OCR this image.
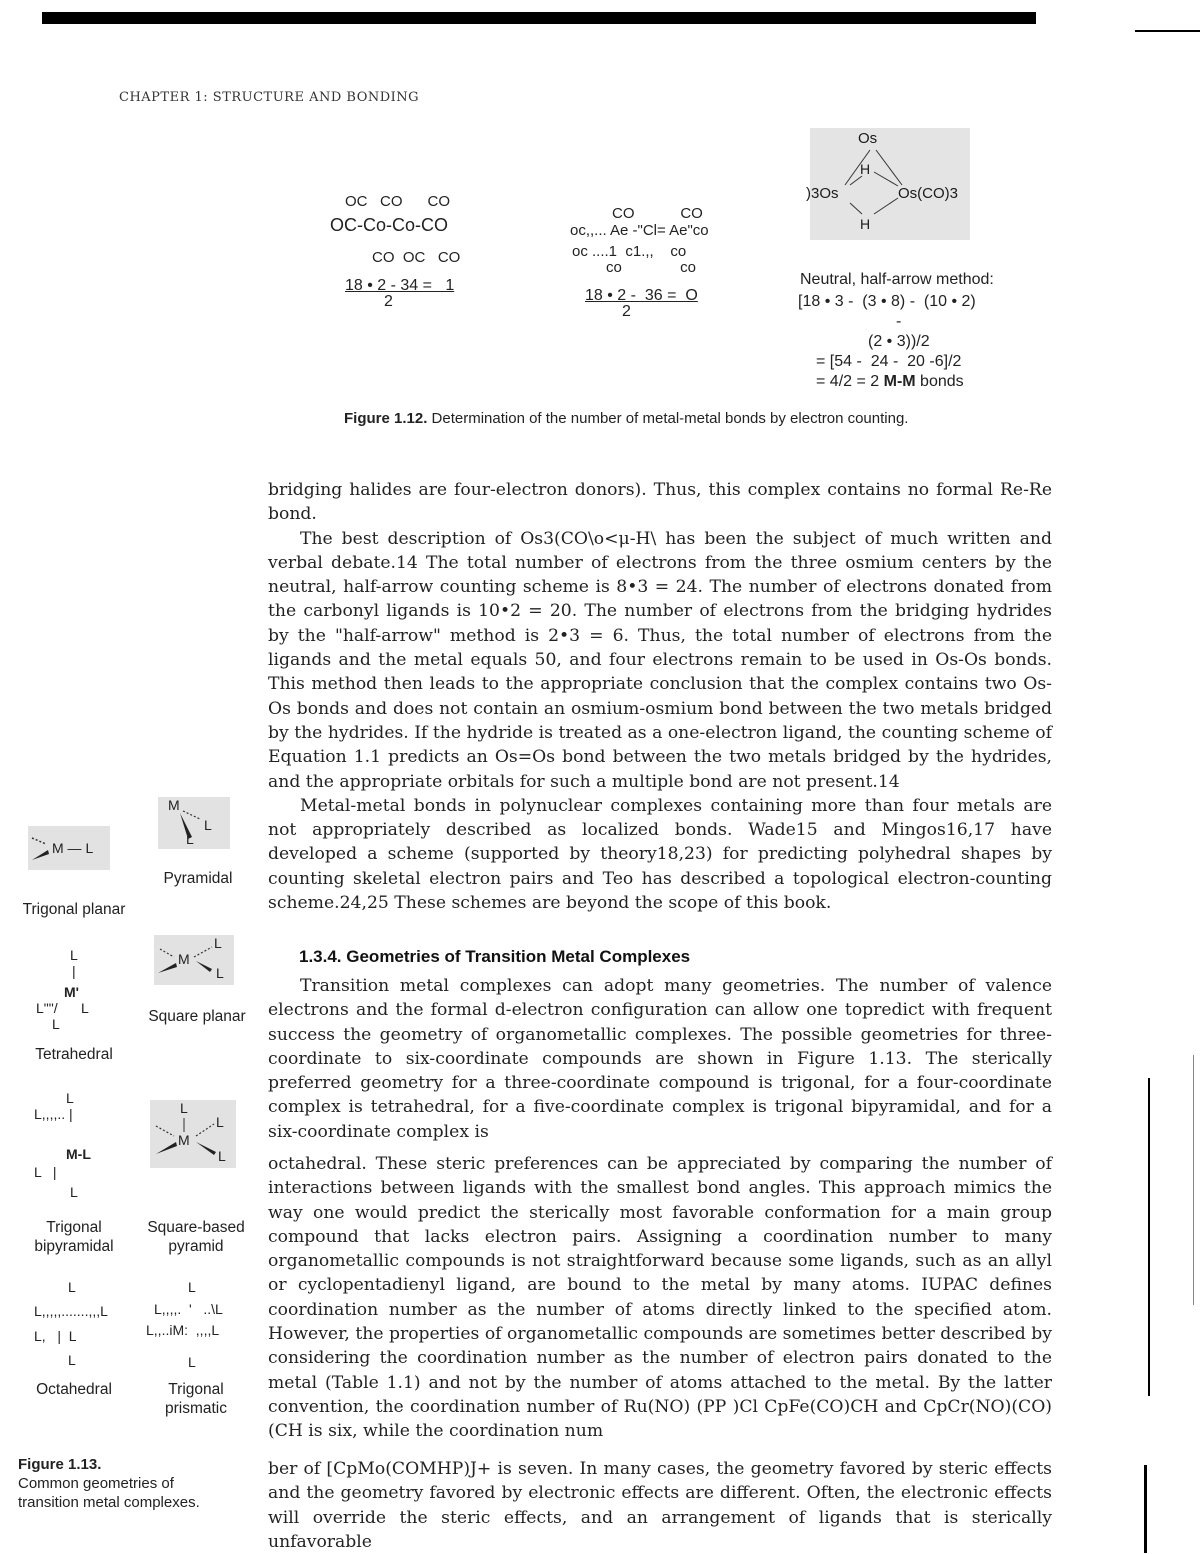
CHAPTER 1: STRUCTURE AND BONDING
OC   CO      CO
OC-Co-Co-CO
CO  OC   CO
18 • 2 - 34 =   1
2
CO           CO
oc,,... Ae -"Cl= Ae"co
oc ....1  c1.,,    co
co              co
18 • 2 -  36 =  O
2
Os
H
)3Os	Os(CO)3
H
Neutral, half-arrow method:
[18 • 3 -  (3 • 8) -  (10 • 2)
-
(2 • 3))/2
= [54 -  24 -  20 -6]/2
= 4/2 = 2 M-M bonds
Figure 1.12. Determination of the number of metal-metal bonds by electron counting.

bridging halides are four-electron donors). Thus, this complex contains no formal Re-Re bond.

The best description of Os3(CO\o<μ-H\ has been the subject of much written and verbal debate.14 The total number of electrons from the three osmium centers by the neutral, half-arrow counting scheme is 8•3 = 24. The number of electrons donated from the carbonyl ligands is 10•2 = 20. The number of electrons from the bridging hydrides by the "half-arrow" method is 2•3 = 6. Thus, the total number of electrons from the ligands and the metal equals 50, and four electrons remain to be used in Os-Os bonds. This method then leads to the appropriate conclusion that the complex contains two Os-Os bonds and does not contain an osmium-osmium bond between the two metals bridged by the hydrides. If the hydride is treated as a one-electron ligand, the counting scheme of Equation 1.1 predicts an Os=Os bond between the two metals bridged by the hydrides, and the appropriate orbitals for such a multiple bond are not present.14

Metal-metal bonds in polynuclear complexes containing more than four metals are not appropriately described as localized bonds. Wade15 and Mingos16,17 have developed a scheme (supported by theory18,23) for predicting polyhedral shapes by counting skeletal electron pairs and Teo has described a topological electron-counting scheme.24,25 These schemes are beyond the scope of this book.

1.3.4. Geometries of Transition Metal Complexes

Transition metal complexes can adopt many geometries. The number of valence electrons and the formal d-electron configuration can allow one topredict with frequent success the geometry of organometallic complexes. The possible geometries for three-coordinate to six-coordinate compounds are shown in Figure 1.13. The sterically preferred geometry for a three-coordinate compound is trigonal, for a four-coordinate complex is tetrahedral, for a five-coordinate complex is trigonal bipyramidal, and for a six-coordinate complex is

octahedral. These steric preferences can be appreciated by comparing the number of interactions between ligands with the smallest bond angles. This approach mimics the way one would predict the sterically most favorable conformation for a main group compound that lacks electron pairs. Assigning a coordination number to many organometallic compounds is not straightforward because some ligands, such as an allyl or cyclopentadienyl ligand, are bound to the metal by many atoms. IUPAC defines coordination number as the number of atoms directly linked to the specified atom. However, the properties of organometallic compounds are sometimes better described by considering the coordination number as the number of electron pairs donated to the metal (Table 1.1) and not by the number of atoms attached to the metal. By the latter convention, the coordination number of Ru(NO) (PP )Cl CpFe(CO)CH and CpCr(NO)(CO)(CH is six, while the coordination num

ber of [CpMo(COMHP)J+ is seven. In many cases, the geometry favored by steric effects and the geometry favored by electronic effects are different. Often, the electronic effects will override the steric effects, and an arrangement of ligands that is sterically unfavorable

M — L
Trigonal planar
M
L
L
Pyramidal
L
|
M'
L""/      L
L
Tetrahedral
M
L
L
Square planar
L
L,,,,.. |
M-L
L   |
L
Trigonal
bipyramidal
L
M
L
L
Square-based
pyramid
L
L,,,,,.......,,,L
L,   |  L
L
Octahedral
L
L,,,,.  '   ..\L
L,,..iM:  ,,,,L
L
Trigonal
prismatic
Figure 1.13.
Common geometries of
transition metal complexes.
